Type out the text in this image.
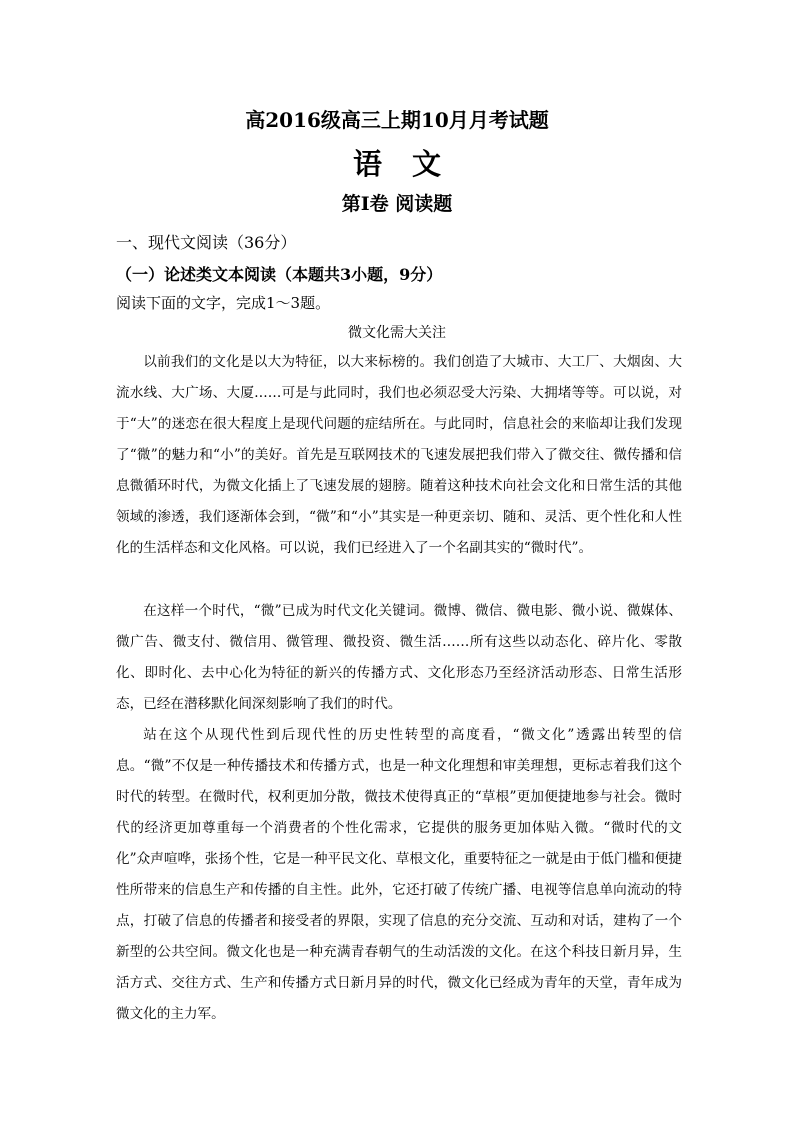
高2016级高三上期10月月考试题
语文
第Ⅰ卷 阅读题
一、现代文阅读（36分）
（一）论述类文本阅读（本题共3小题，9分）
阅读下面的文字，完成1～3题。
微文化需大关注

以前我们的文化是以大为特征，以大来标榜的。我们创造了大城市、大工厂、大烟囱、大流水线、大广场、大厦……可是与此同时，我们也必须忍受大污染、大拥堵等等。可以说，对于“大”的迷恋在很大程度上是现代问题的症结所在。与此同时，信息社会的来临却让我们发现了“微”的魅力和“小”的美好。首先是互联网技术的飞速发展把我们带入了微交往、微传播和信息微循环时代，为微文化插上了飞速发展的翅膀。随着这种技术向社会文化和日常生活的其他领域的渗透，我们逐渐体会到，“微”和“小”其实是一种更亲切、随和、灵活、更个性化和人性化的生活样态和文化风格。可以说，我们已经进入了一个名副其实的“微时代”。

在这样一个时代，“微”已成为时代文化关键词。微博、微信、微电影、微小说、微媒体、微广告、微支付、微信用、微管理、微投资、微生活……所有这些以动态化、碎片化、零散化、即时化、去中心化为特征的新兴的传播方式、文化形态乃至经济活动形态、日常生活形态，已经在潜移默化间深刻影响了我们的时代。

站在这个从现代性到后现代性的历史性转型的高度看，“微文化”透露出转型的信息。“微”不仅是一种传播技术和传播方式，也是一种文化理想和审美理想，更标志着我们这个时代的转型。在微时代，权利更加分散，微技术使得真正的“草根”更加便捷地参与社会。微时代的经济更加尊重每一个消费者的个性化需求，它提供的服务更加体贴入微。“微时代的文化”众声喧哗，张扬个性，它是一种平民文化、草根文化，重要特征之一就是由于低门槛和便捷性所带来的信息生产和传播的自主性。此外，它还打破了传统广播、电视等信息单向流动的特点，打破了信息的传播者和接受者的界限，实现了信息的充分交流、互动和对话，建构了一个新型的公共空间。微文化也是一种充满青春朝气的生动活泼的文化。在这个科技日新月异，生活方式、交往方式、生产和传播方式日新月异的时代，微文化已经成为青年的天堂，青年成为微文化的主力军。
